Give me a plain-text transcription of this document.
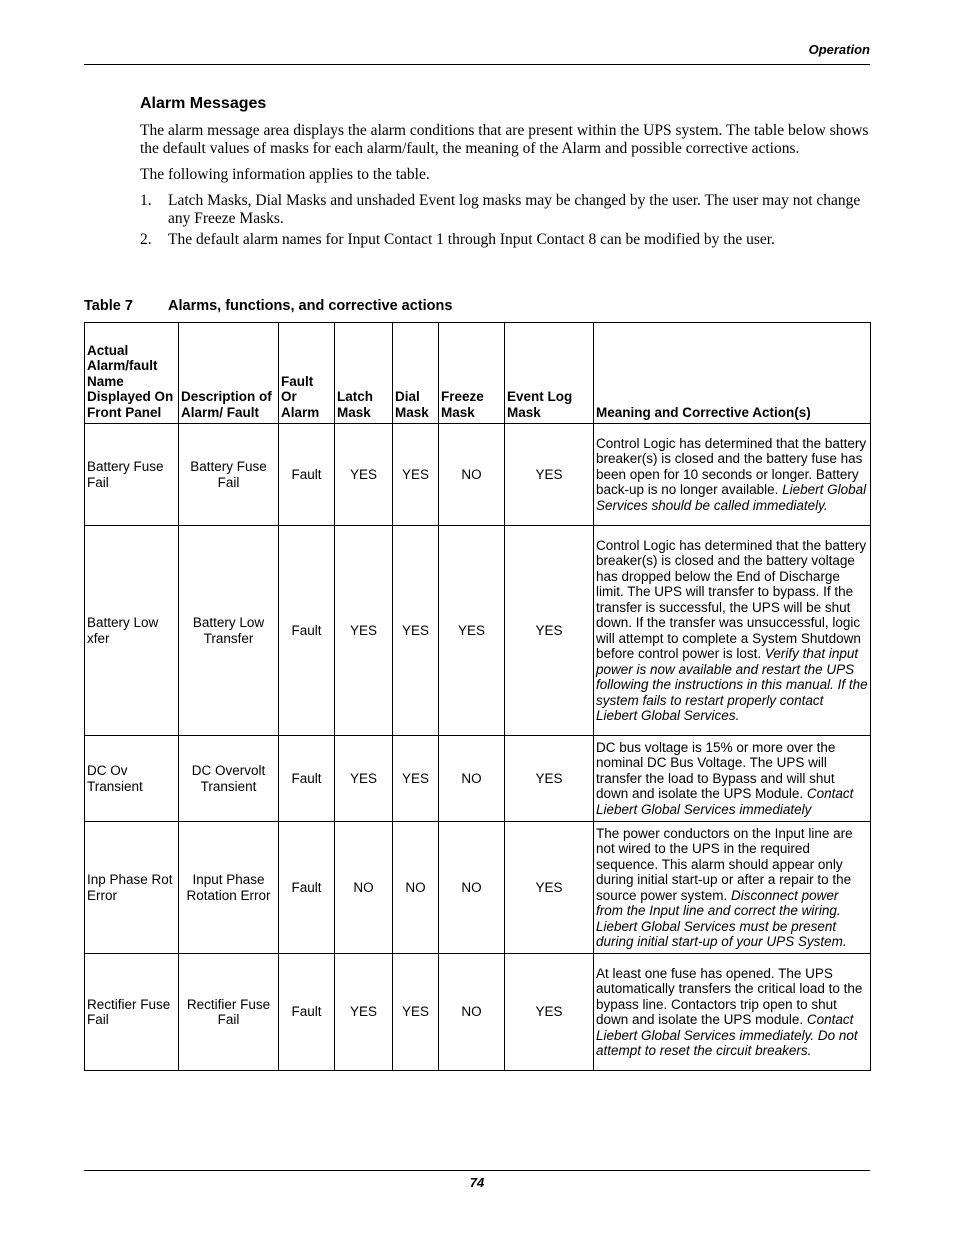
Operation
Alarm Messages

The alarm message area displays the alarm conditions that are present within the UPS system. The table below shows the default values of masks for each alarm/fault, the meaning of the Alarm and possible corrective actions.

The following information applies to the table.

1. Latch Masks, Dial Masks and unshaded Event log masks may be changed by the user. The user may not change any Freeze Masks.
2. The default alarm names for Input Contact 1 through Input Contact 8 can be modified by the user.
Table 7 Alarms, functions, and corrective actions
Actual Alarm/fault Name Displayed On Front Panel	Description of Alarm/ Fault	Fault Or Alarm	Latch Mask	Dial Mask	Freeze Mask	Event Log Mask	Meaning and Corrective Action(s)
Battery Fuse Fail	Battery Fuse Fail	Fault	YES	YES	NO	YES	Control Logic has determined that the battery breaker(s) is closed and the battery fuse has been open for 10 seconds or longer. Battery back-up is no longer available. Liebert Global Services should be called immediately.
Battery Low xfer	Battery Low Transfer	Fault	YES	YES	YES	YES	Control Logic has determined that the battery breaker(s) is closed and the battery voltage has dropped below the End of Discharge limit. The UPS will transfer to bypass. If the transfer is successful, the UPS will be shut down. If the transfer was unsuccessful, logic will attempt to complete a System Shutdown before control power is lost. Verify that input power is now available and restart the UPS following the instructions in this manual. If the system fails to restart properly contact Liebert Global Services.
DC Ov Transient	DC Overvolt Transient	Fault	YES	YES	NO	YES	DC bus voltage is 15% or more over the nominal DC Bus Voltage. The UPS will transfer the load to Bypass and will shut down and isolate the UPS Module. Contact Liebert Global Services immediately
Inp Phase Rot Error	Input Phase Rotation Error	Fault	NO	NO	NO	YES	The power conductors on the Input line are not wired to the UPS in the required sequence. This alarm should appear only during initial start-up or after a repair to the source power system. Disconnect power from the Input line and correct the wiring. Liebert Global Services must be present during initial start-up of your UPS System.
Rectifier Fuse Fail	Rectifier Fuse Fail	Fault	YES	YES	NO	YES	At least one fuse has opened. The UPS automatically transfers the critical load to the bypass line. Contactors trip open to shut down and isolate the UPS module. Contact Liebert Global Services immediately. Do not attempt to reset the circuit breakers.
74
